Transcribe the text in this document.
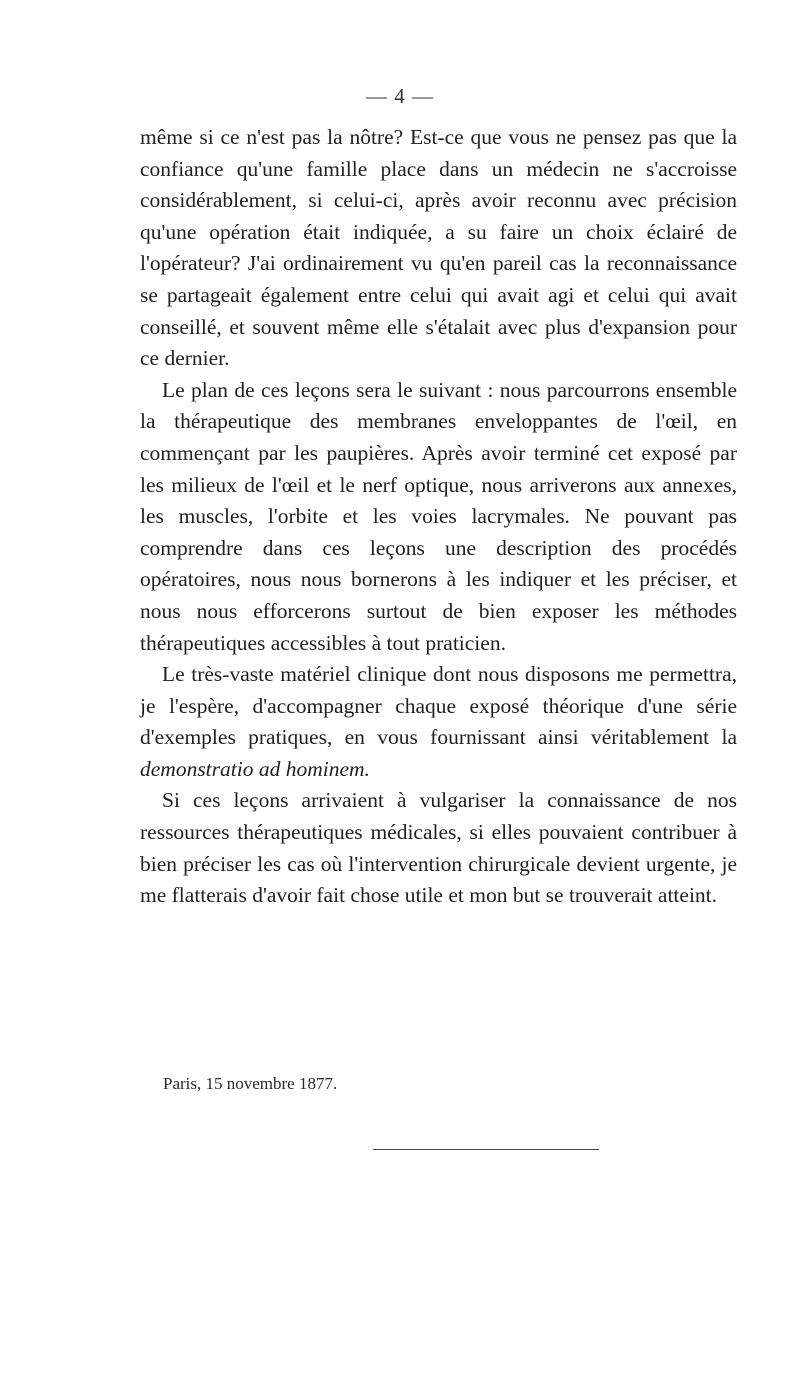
— 4 —

même si ce n'est pas la nôtre? Est-ce que vous ne pensez pas que la confiance qu'une famille place dans un médecin ne s'accroisse considérablement, si celui-ci, après avoir reconnu avec précision qu'une opération était indiquée, a su faire un choix éclairé de l'opérateur? J'ai ordinairement vu qu'en pareil cas la reconnaissance se partageait également entre celui qui avait agi et celui qui avait conseillé, et souvent même elle s'étalait avec plus d'expansion pour ce dernier.

Le plan de ces leçons sera le suivant : nous parcourrons ensemble la thérapeutique des membranes enveloppantes de l'œil, en commençant par les paupières. Après avoir terminé cet exposé par les milieux de l'œil et le nerf optique, nous arriverons aux annexes, les muscles, l'orbite et les voies lacrymales. Ne pouvant pas comprendre dans ces leçons une description des procédés opératoires, nous nous bornerons à les indiquer et les préciser, et nous nous efforcerons surtout de bien exposer les méthodes thérapeutiques accessibles à tout praticien.

Le très-vaste matériel clinique dont nous disposons me permettra, je l'espère, d'accompagner chaque exposé théorique d'une série d'exemples pratiques, en vous fournissant ainsi véritablement la demonstratio ad hominem.

Si ces leçons arrivaient à vulgariser la connaissance de nos ressources thérapeutiques médicales, si elles pouvaient contribuer à bien préciser les cas où l'intervention chirurgicale devient urgente, je me flatterais d'avoir fait chose utile et mon but se trouverait atteint.

Paris, 15 novembre 1877.
